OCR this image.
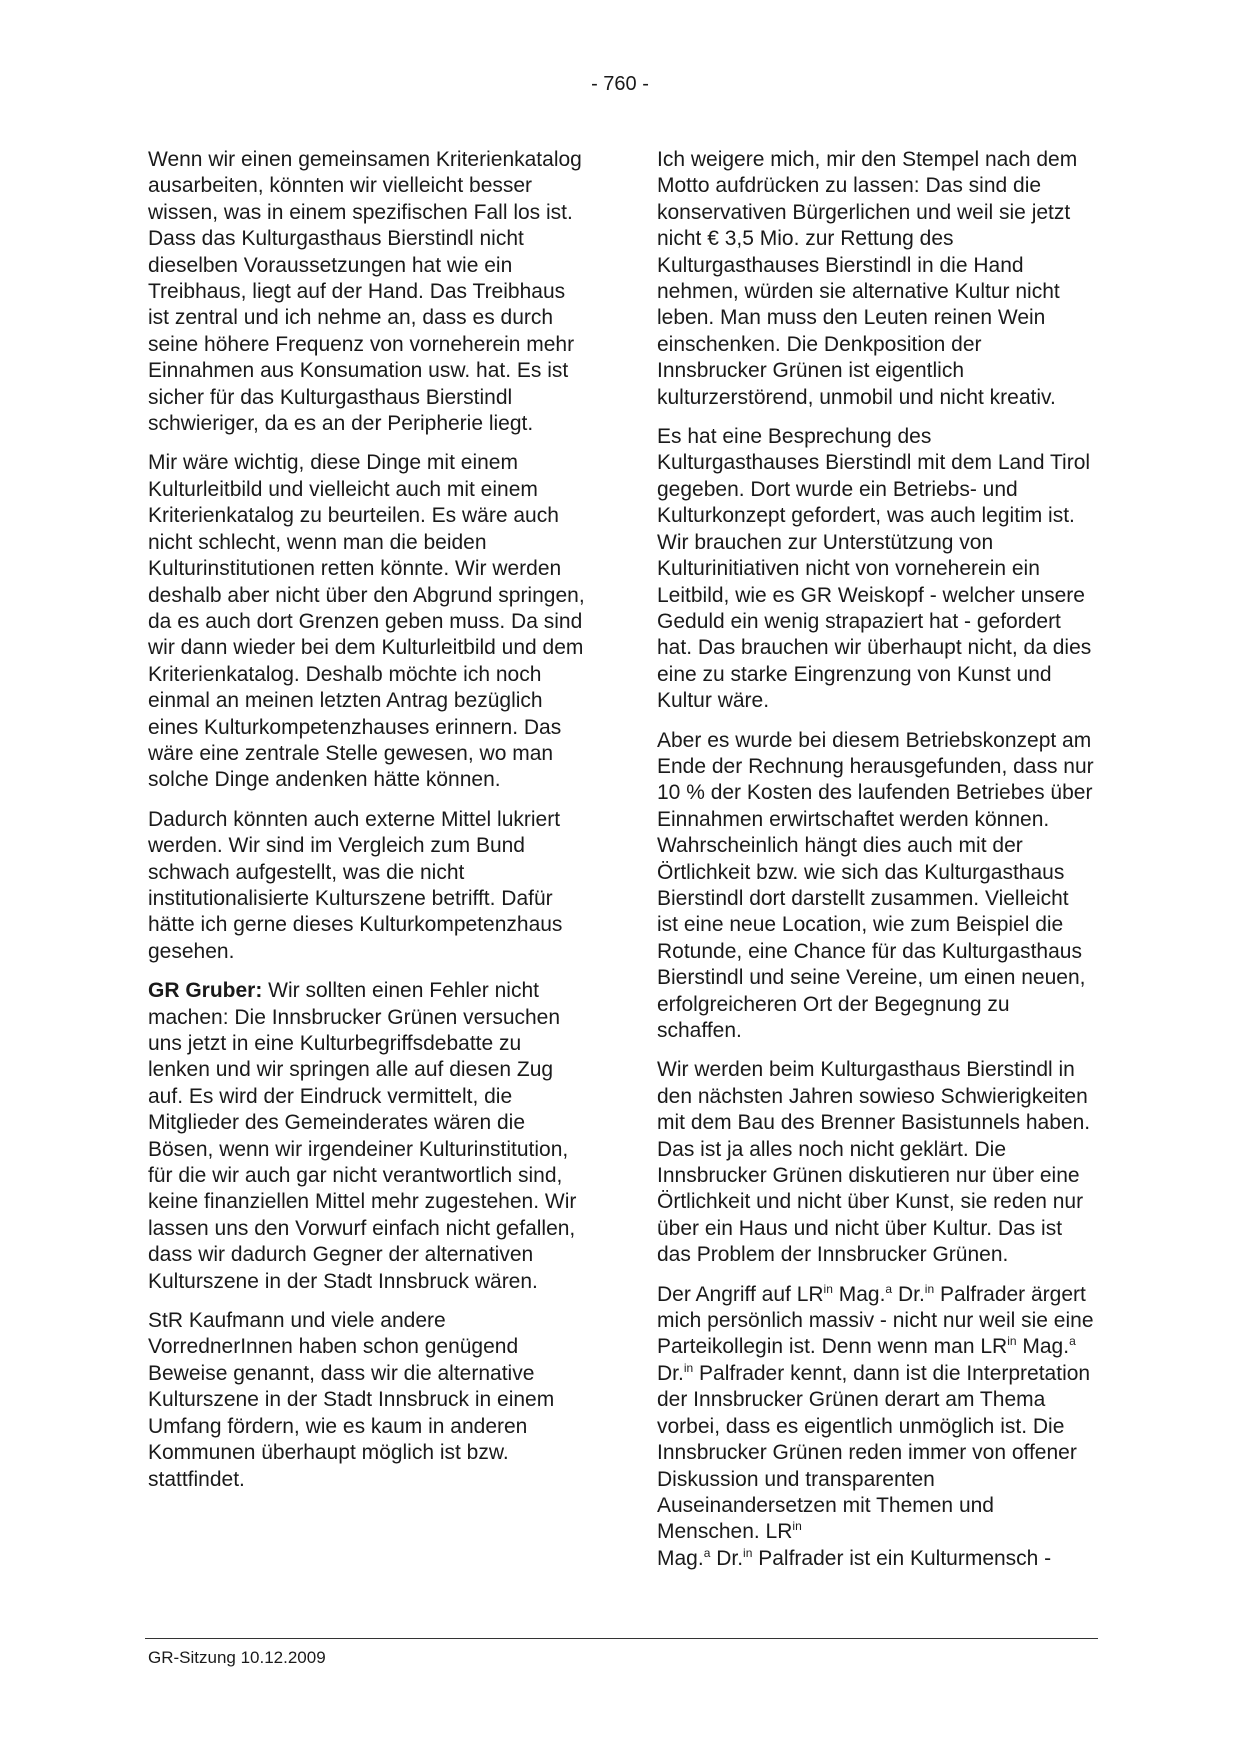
- 760 -

Wenn wir einen gemeinsamen Kriterienkatalog ausarbeiten, könnten wir vielleicht besser wissen, was in einem spezifischen Fall los ist. Dass das Kulturgasthaus Bierstindl nicht dieselben Voraussetzungen hat wie ein Treibhaus, liegt auf der Hand. Das Treibhaus ist zentral und ich nehme an, dass es durch seine höhere Frequenz von vorneherein mehr Einnahmen aus Konsumation usw. hat. Es ist sicher für das Kulturgasthaus Bierstindl schwieriger, da es an der Peripherie liegt.

Mir wäre wichtig, diese Dinge mit einem Kulturleitbild und vielleicht auch mit einem Kriterienkatalog zu beurteilen. Es wäre auch nicht schlecht, wenn man die beiden Kulturinstitutionen retten könnte. Wir werden deshalb aber nicht über den Abgrund springen, da es auch dort Grenzen geben muss. Da sind wir dann wieder bei dem Kulturleitbild und dem Kriterienkatalog. Deshalb möchte ich noch einmal an meinen letzten Antrag bezüglich eines Kulturkompetenzhauses erinnern. Das wäre eine zentrale Stelle gewesen, wo man solche Dinge andenken hätte können.

Dadurch könnten auch externe Mittel lukriert werden. Wir sind im Vergleich zum Bund schwach aufgestellt, was die nicht institutionalisierte Kulturszene betrifft. Dafür hätte ich gerne dieses Kulturkompetenzhaus gesehen.

GR Gruber: Wir sollten einen Fehler nicht machen: Die Innsbrucker Grünen versuchen uns jetzt in eine Kulturbegriffsdebatte zu lenken und wir springen alle auf diesen Zug auf. Es wird der Eindruck vermittelt, die Mitglieder des Gemeinderates wären die Bösen, wenn wir irgendeiner Kulturinstitution, für die wir auch gar nicht verantwortlich sind, keine finanziellen Mittel mehr zugestehen. Wir lassen uns den Vorwurf einfach nicht gefallen, dass wir dadurch Gegner der alternativen Kulturszene in der Stadt Innsbruck wären.

StR Kaufmann und viele andere VorrednerInnen haben schon genügend Beweise genannt, dass wir die alternative Kulturszene in der Stadt Innsbruck in einem Umfang fördern, wie es kaum in anderen Kommunen überhaupt möglich ist bzw. stattfindet.

Ich weigere mich, mir den Stempel nach dem Motto aufdrücken zu lassen: Das sind die konservativen Bürgerlichen und weil sie jetzt nicht € 3,5 Mio. zur Rettung des Kulturgasthauses Bierstindl in die Hand nehmen, würden sie alternative Kultur nicht leben. Man muss den Leuten reinen Wein einschenken. Die Denkposition der Innsbrucker Grünen ist eigentlich kulturzerstörend, unmobil und nicht kreativ.

Es hat eine Besprechung des Kulturgasthauses Bierstindl mit dem Land Tirol gegeben. Dort wurde ein Betriebs- und Kulturkonzept gefordert, was auch legitim ist. Wir brauchen zur Unterstützung von Kulturinitiativen nicht von vorneherein ein Leitbild, wie es GR Weiskopf - welcher unsere Geduld ein wenig strapaziert hat - gefordert hat. Das brauchen wir überhaupt nicht, da dies eine zu starke Eingrenzung von Kunst und Kultur wäre.

Aber es wurde bei diesem Betriebskonzept am Ende der Rechnung herausgefunden, dass nur 10 % der Kosten des laufenden Betriebes über Einnahmen erwirtschaftet werden können. Wahrscheinlich hängt dies auch mit der Örtlichkeit bzw. wie sich das Kulturgasthaus Bierstindl dort darstellt zusammen. Vielleicht ist eine neue Location, wie zum Beispiel die Rotunde, eine Chance für das Kulturgasthaus Bierstindl und seine Vereine, um einen neuen, erfolgreicheren Ort der Begegnung zu schaffen.

Wir werden beim Kulturgasthaus Bierstindl in den nächsten Jahren sowieso Schwierigkeiten mit dem Bau des Brenner Basistunnels haben. Das ist ja alles noch nicht geklärt. Die Innsbrucker Grünen diskutieren nur über eine Örtlichkeit und nicht über Kunst, sie reden nur über ein Haus und nicht über Kultur. Das ist das Problem der Innsbrucker Grünen.

Der Angriff auf $LR^{in}$ Mag.$^a$ Dr.$^{in}$ Palfrader ärgert mich persönlich massiv - nicht nur weil sie eine Parteikollegin ist. Denn wenn man $LR^{in}$ Mag.$^a$ Dr.$^{in}$ Palfrader kennt, dann ist die Interpretation der Innsbrucker Grünen derart am Thema vorbei, dass es eigentlich unmöglich ist. Die Innsbrucker Grünen reden immer von offener Diskussion und transparenten Auseinandersetzen mit Themen und Menschen. $LR^{in}$
Mag.$^a$ Dr.$^{in}$ Palfrader ist ein Kulturmensch -

GR-Sitzung 10.12.2009
